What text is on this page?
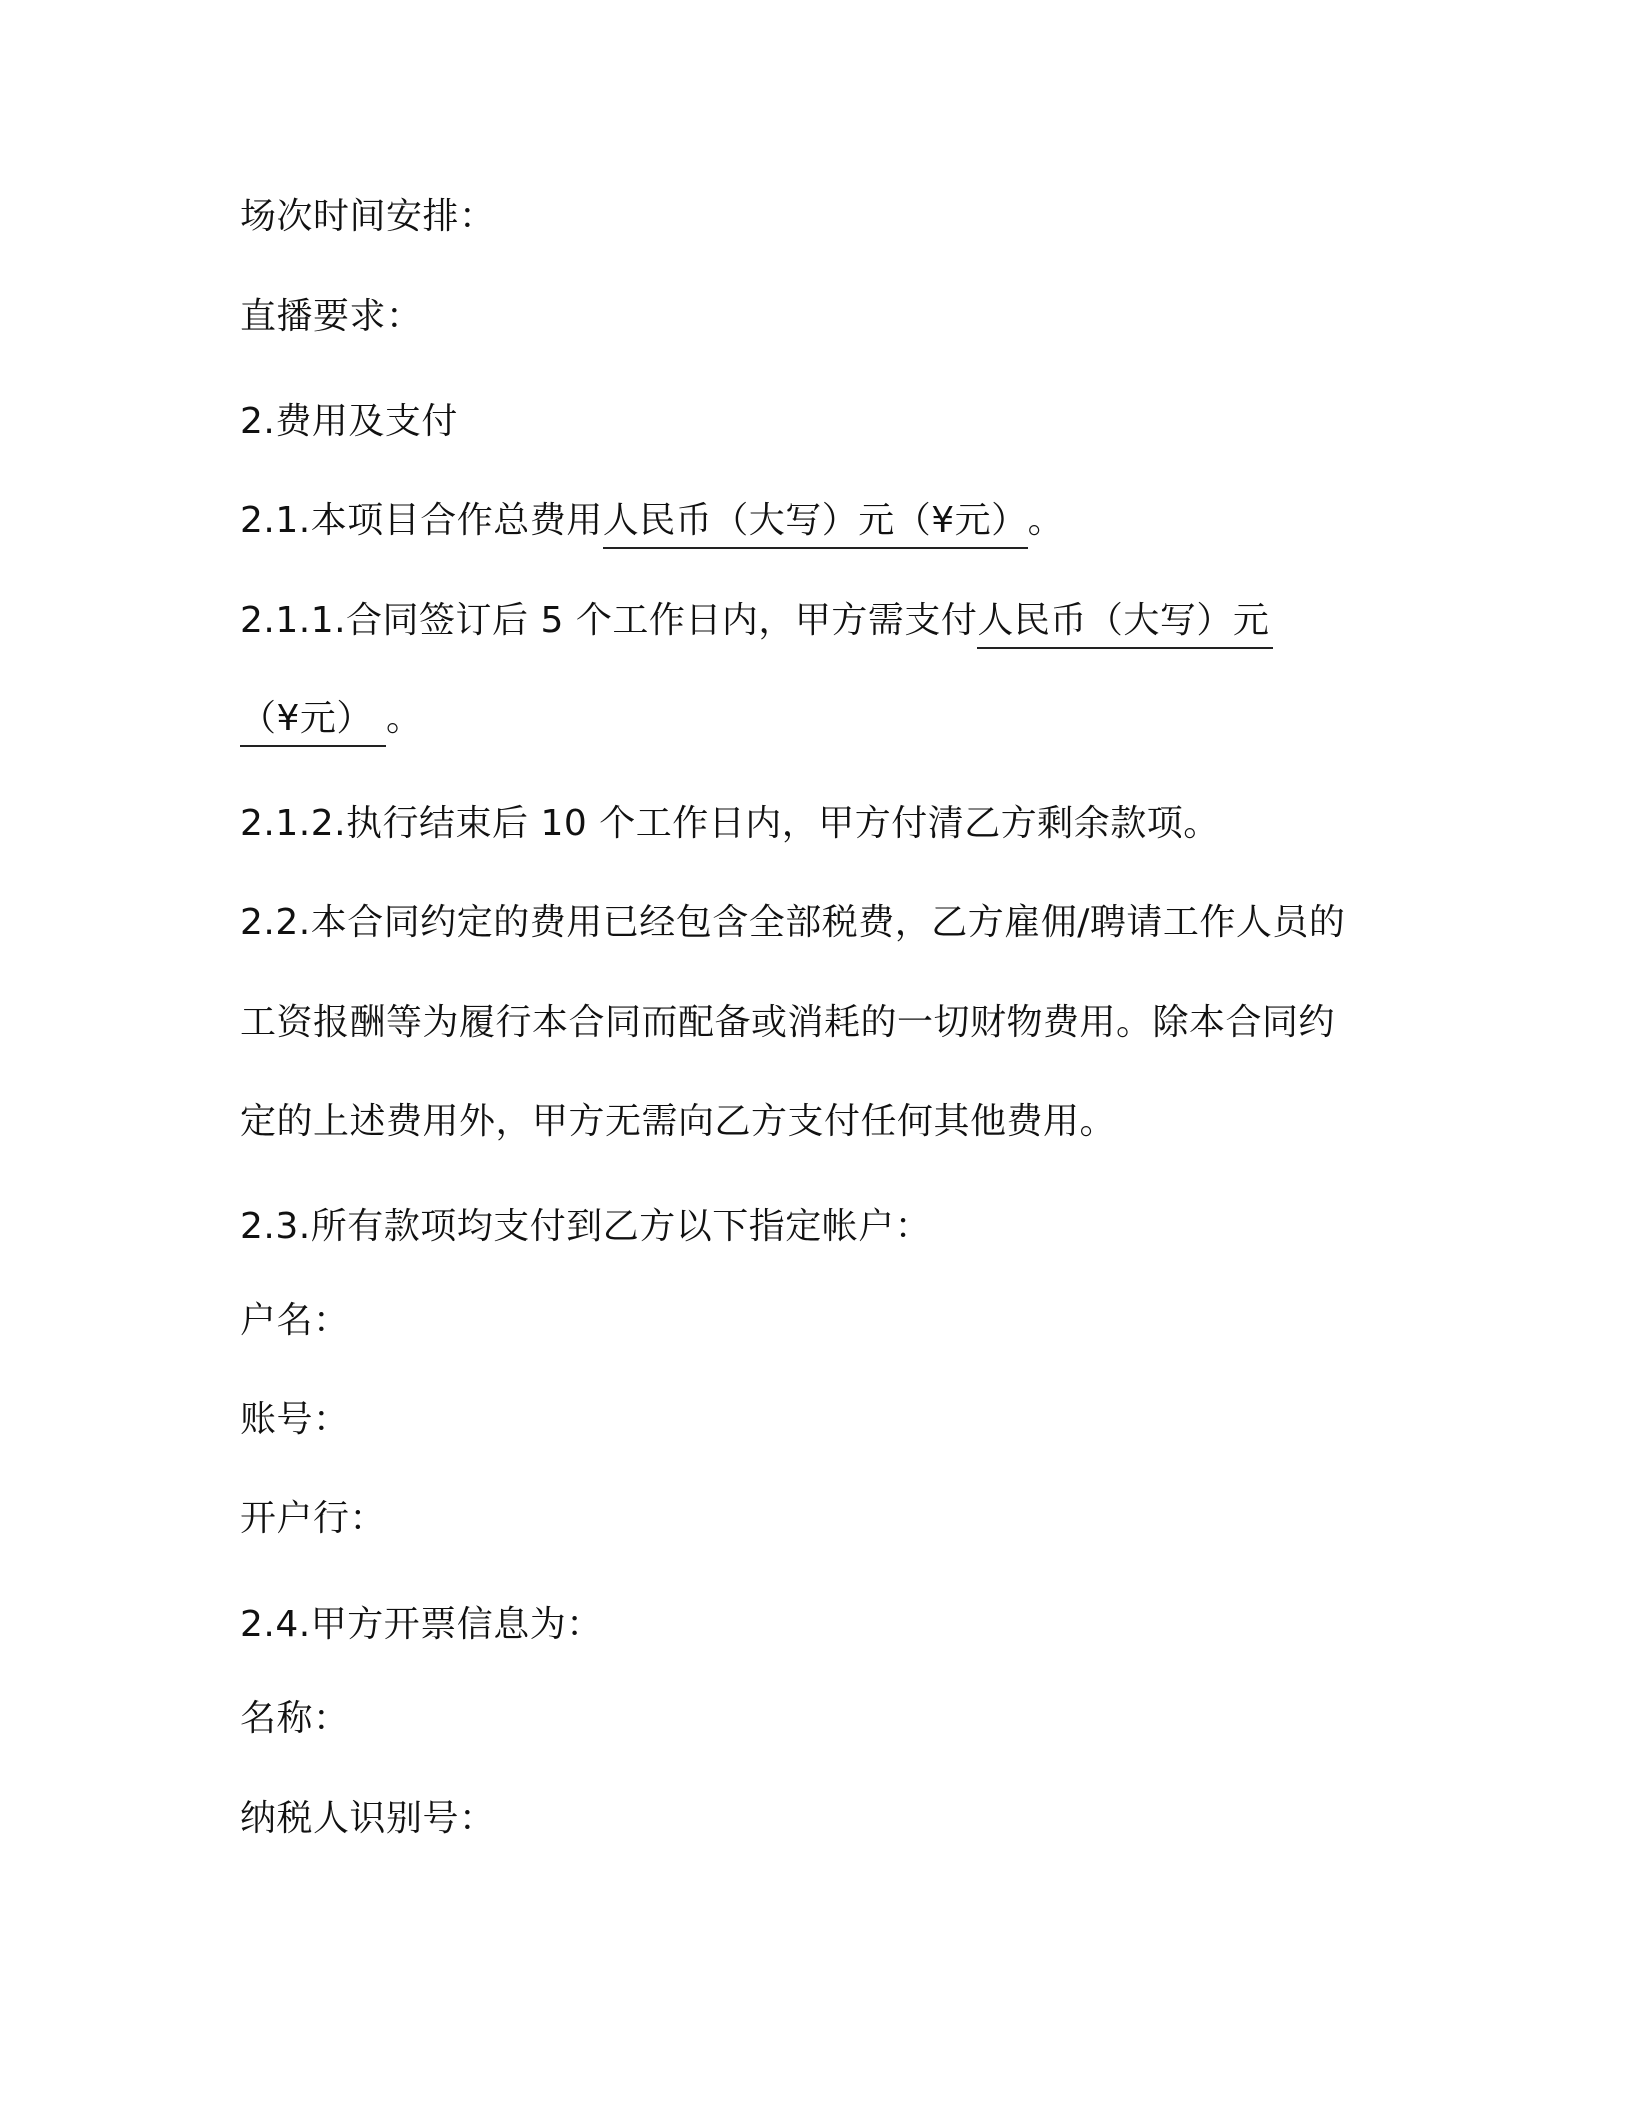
场次时间安排：
直播要求：
2.费用及支付
2.1.本项目合作总费用人民币（大写）元（¥元）。
2.1.1.合同签订后 5 个工作日内，甲方需支付人民币（大写）元
（¥元） 。
2.1.2.执行结束后 10 个工作日内，甲方付清乙方剩余款项。
2.2.本合同约定的费用已经包含全部税费，乙方雇佣/聘请工作人员的
工资报酬等为履行本合同而配备或消耗的一切财物费用。除本合同约
定的上述费用外，甲方无需向乙方支付任何其他费用。
2.3.所有款项均支付到乙方以下指定帐户：
户名：
账号：
开户行：
2.4.甲方开票信息为：
名称：
纳税人识别号：
